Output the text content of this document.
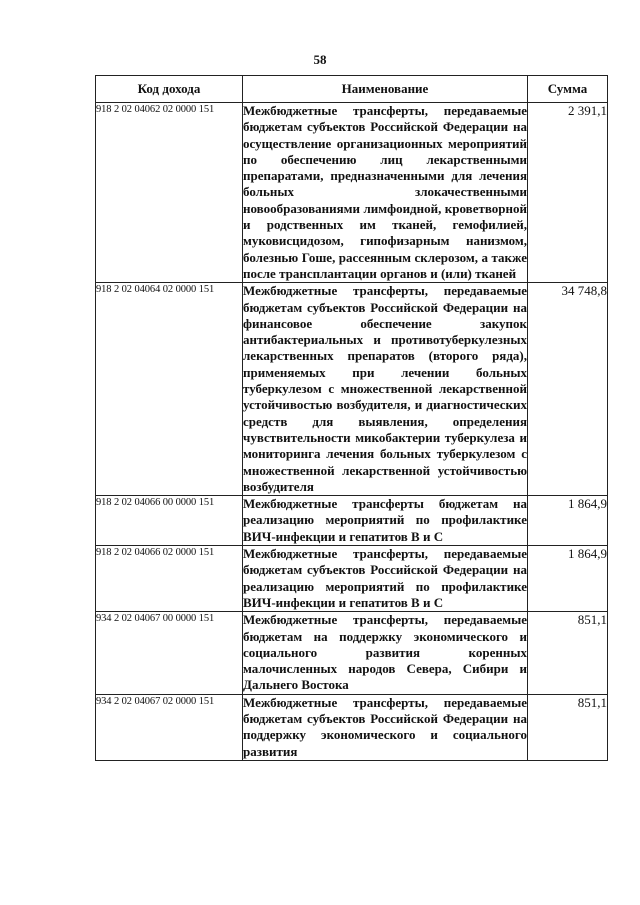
58
Код дохода	Наименование	Сумма
918 2 02 04062 02 0000 151	Межбюджетные трансферты, передаваемые бюджетам субъектов Российской Федерации на осуществление организационных мероприятий по обеспечению лиц лекарственными препаратами, предназначенными для лечения больных злокачественными новообразованиями лимфоидной, кроветворной и родственных им тканей, гемофилией, муковисцидозом, гипофизарным нанизмом, болезнью Гоше, рассеянным склерозом, а также после трансплантации органов и (или) тканей	2 391,1
918 2 02 04064 02 0000 151	Межбюджетные трансферты, передаваемые бюджетам субъектов Российской Федерации на финансовое обеспечение закупок антибактериальных и противотуберкулезных лекарственных препаратов (второго ряда), применяемых при лечении больных туберкулезом с множественной лекарственной устойчивостью возбудителя, и диагностических средств для выявления, определения чувствительности микобактерии туберкулеза и мониторинга лечения больных туберкулезом с множественной лекарственной устойчивостью возбудителя	34 748,8
918 2 02 04066 00 0000 151	Межбюджетные трансферты бюджетам на реализацию мероприятий по профилактике ВИЧ-инфекции и гепатитов В и С	1 864,9
918 2 02 04066 02 0000 151	Межбюджетные трансферты, передаваемые бюджетам субъектов Российской Федерации на реализацию мероприятий по профилактике ВИЧ-инфекции и гепатитов В и С	1 864,9
934 2 02 04067 00 0000 151	Межбюджетные трансферты, передаваемые бюджетам на поддержку экономического и социального развития коренных малочисленных народов Севера, Сибири и Дальнего Востока	851,1
934 2 02 04067 02 0000 151	Межбюджетные трансферты, передаваемые бюджетам субъектов Российской Федерации на поддержку экономического и социального развития	851,1
